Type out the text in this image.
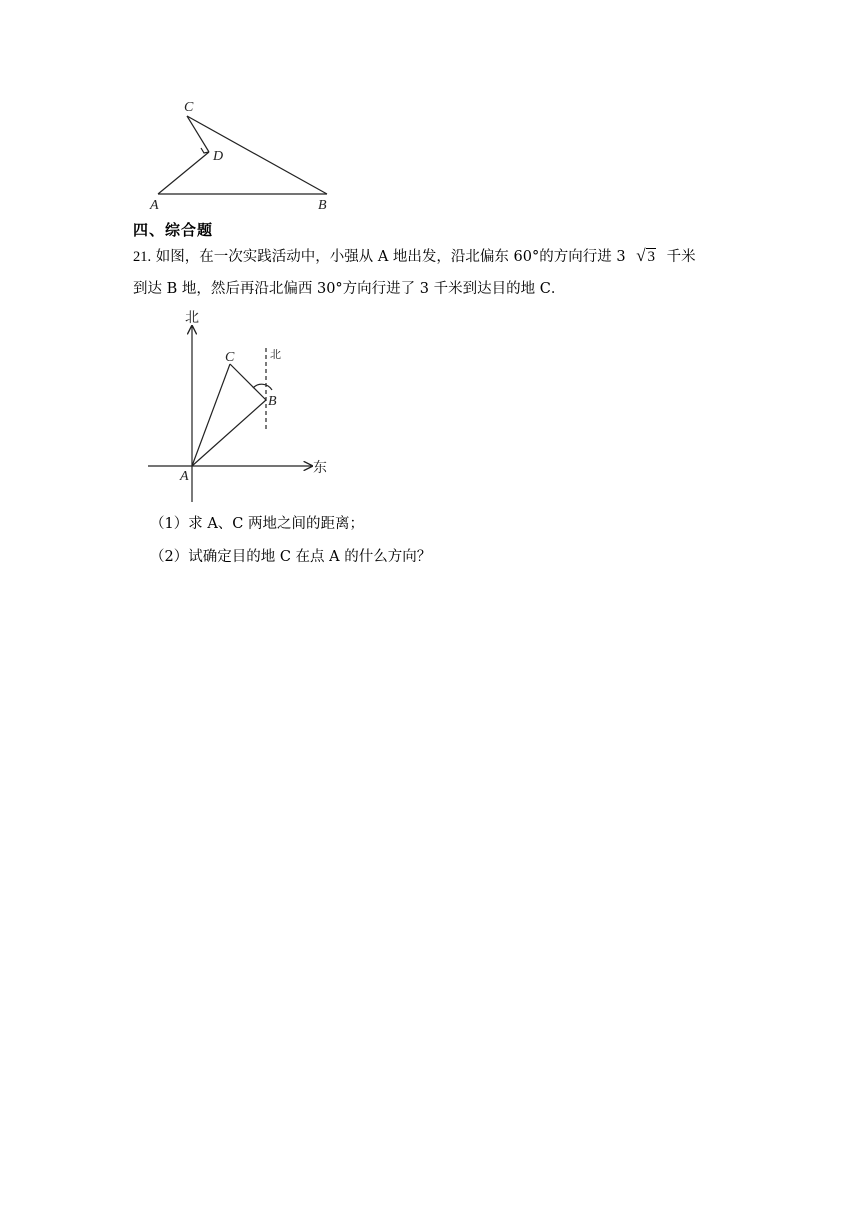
C
D
A	B
四、综合题
21. 如图，在一次实践活动中，小强从 A 地出发，沿北偏东 60°的方向行进 3 √ 3 千米
到达 B 地，然后再沿北偏西 30°方向行进了 3 千米到达目的地 C．
北
东
北
C
B
A
（1）求 A、C 两地之间的距离；
（2）试确定目的地 C 在点 A 的什么方向？
